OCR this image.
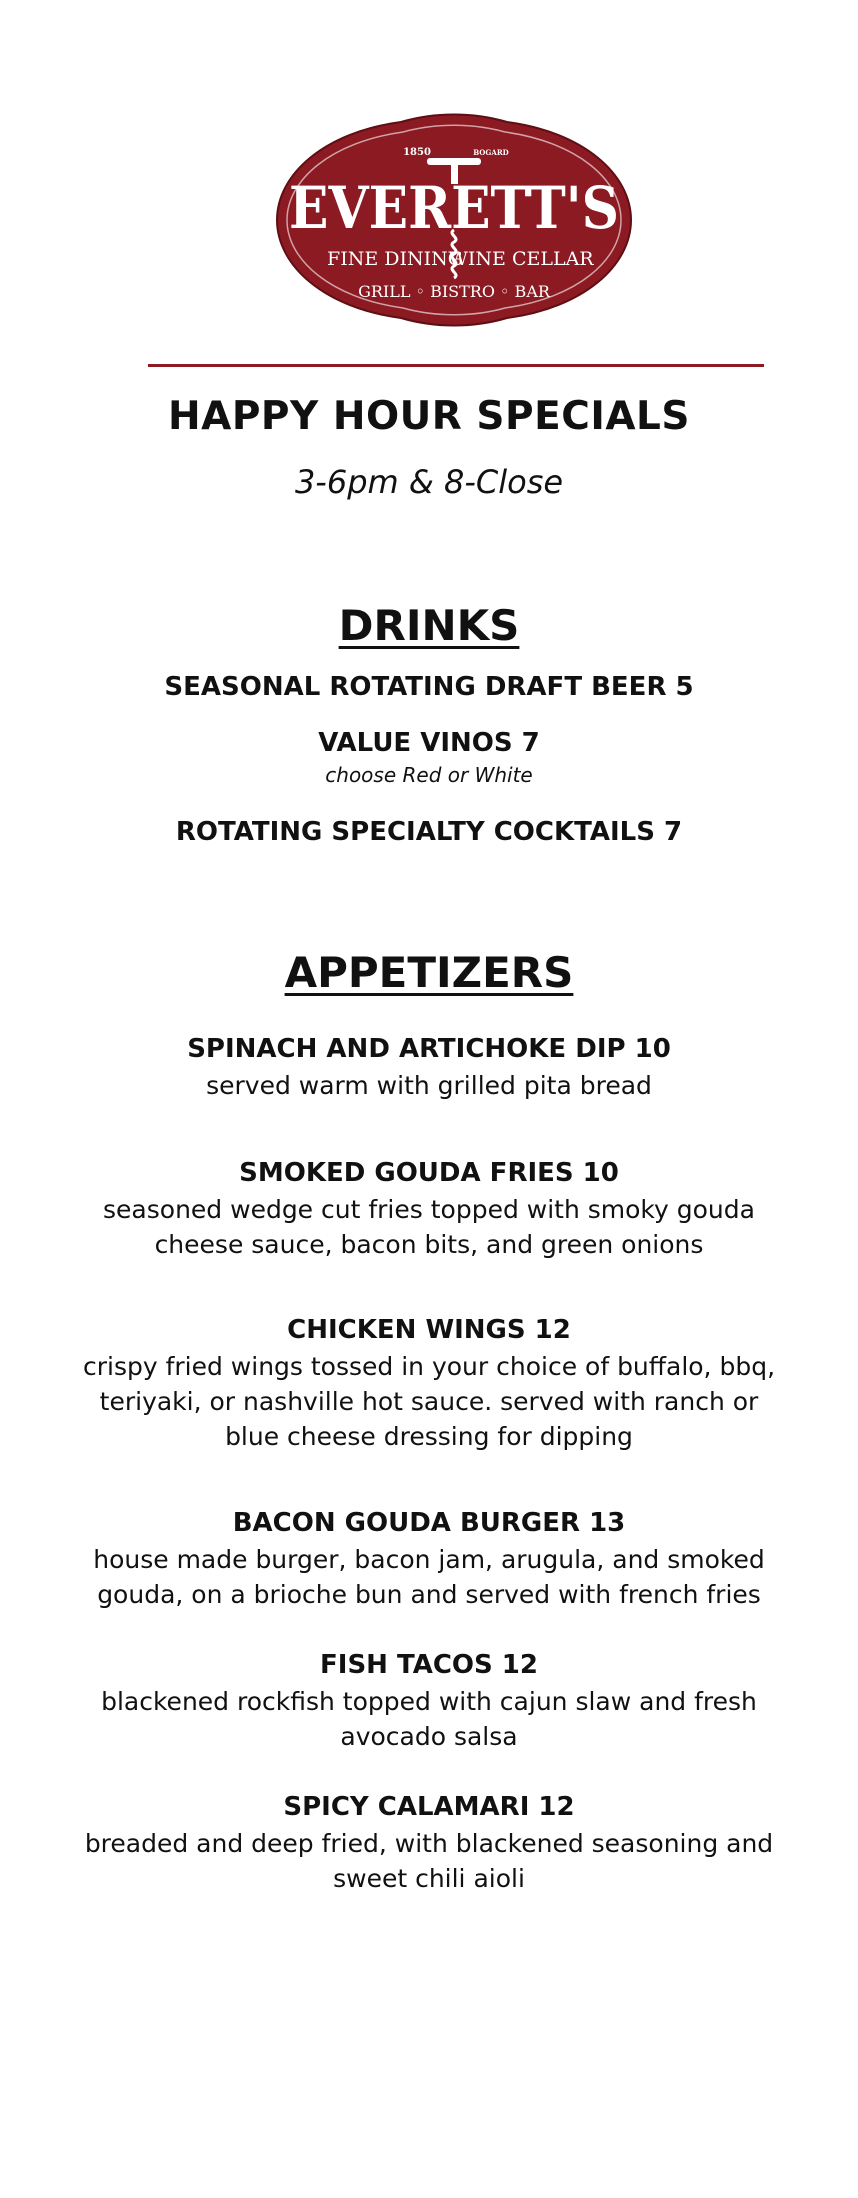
1850	BOGARD
EVERETT'S
FINE DINING
WINE CELLAR
GRILL ◦ BISTRO ◦ BAR
HAPPY HOUR SPECIALS

3-6pm & 8-Close

DRINKS
SEASONAL ROTATING DRAFT BEER 5
VALUE VINOS 7
choose Red or White
ROTATING SPECIALTY COCKTAILS 7
APPETIZERS
SPINACH AND ARTICHOKE DIP 10
served warm with grilled pita bread
SMOKED GOUDA FRIES 10
seasoned wedge cut fries topped with smoky gouda
cheese sauce, bacon bits, and green onions
CHICKEN WINGS 12
crispy fried wings tossed in your choice of buffalo, bbq,
teriyaki, or nashville hot sauce. served with ranch or
blue cheese dressing for dipping
BACON GOUDA BURGER 13
house made burger, bacon jam, arugula, and smoked
gouda, on a brioche bun and served with french fries
FISH TACOS 12
blackened rockfish topped with cajun slaw and fresh
avocado salsa
SPICY CALAMARI 12
breaded and deep fried, with blackened seasoning and
sweet chili aioli
